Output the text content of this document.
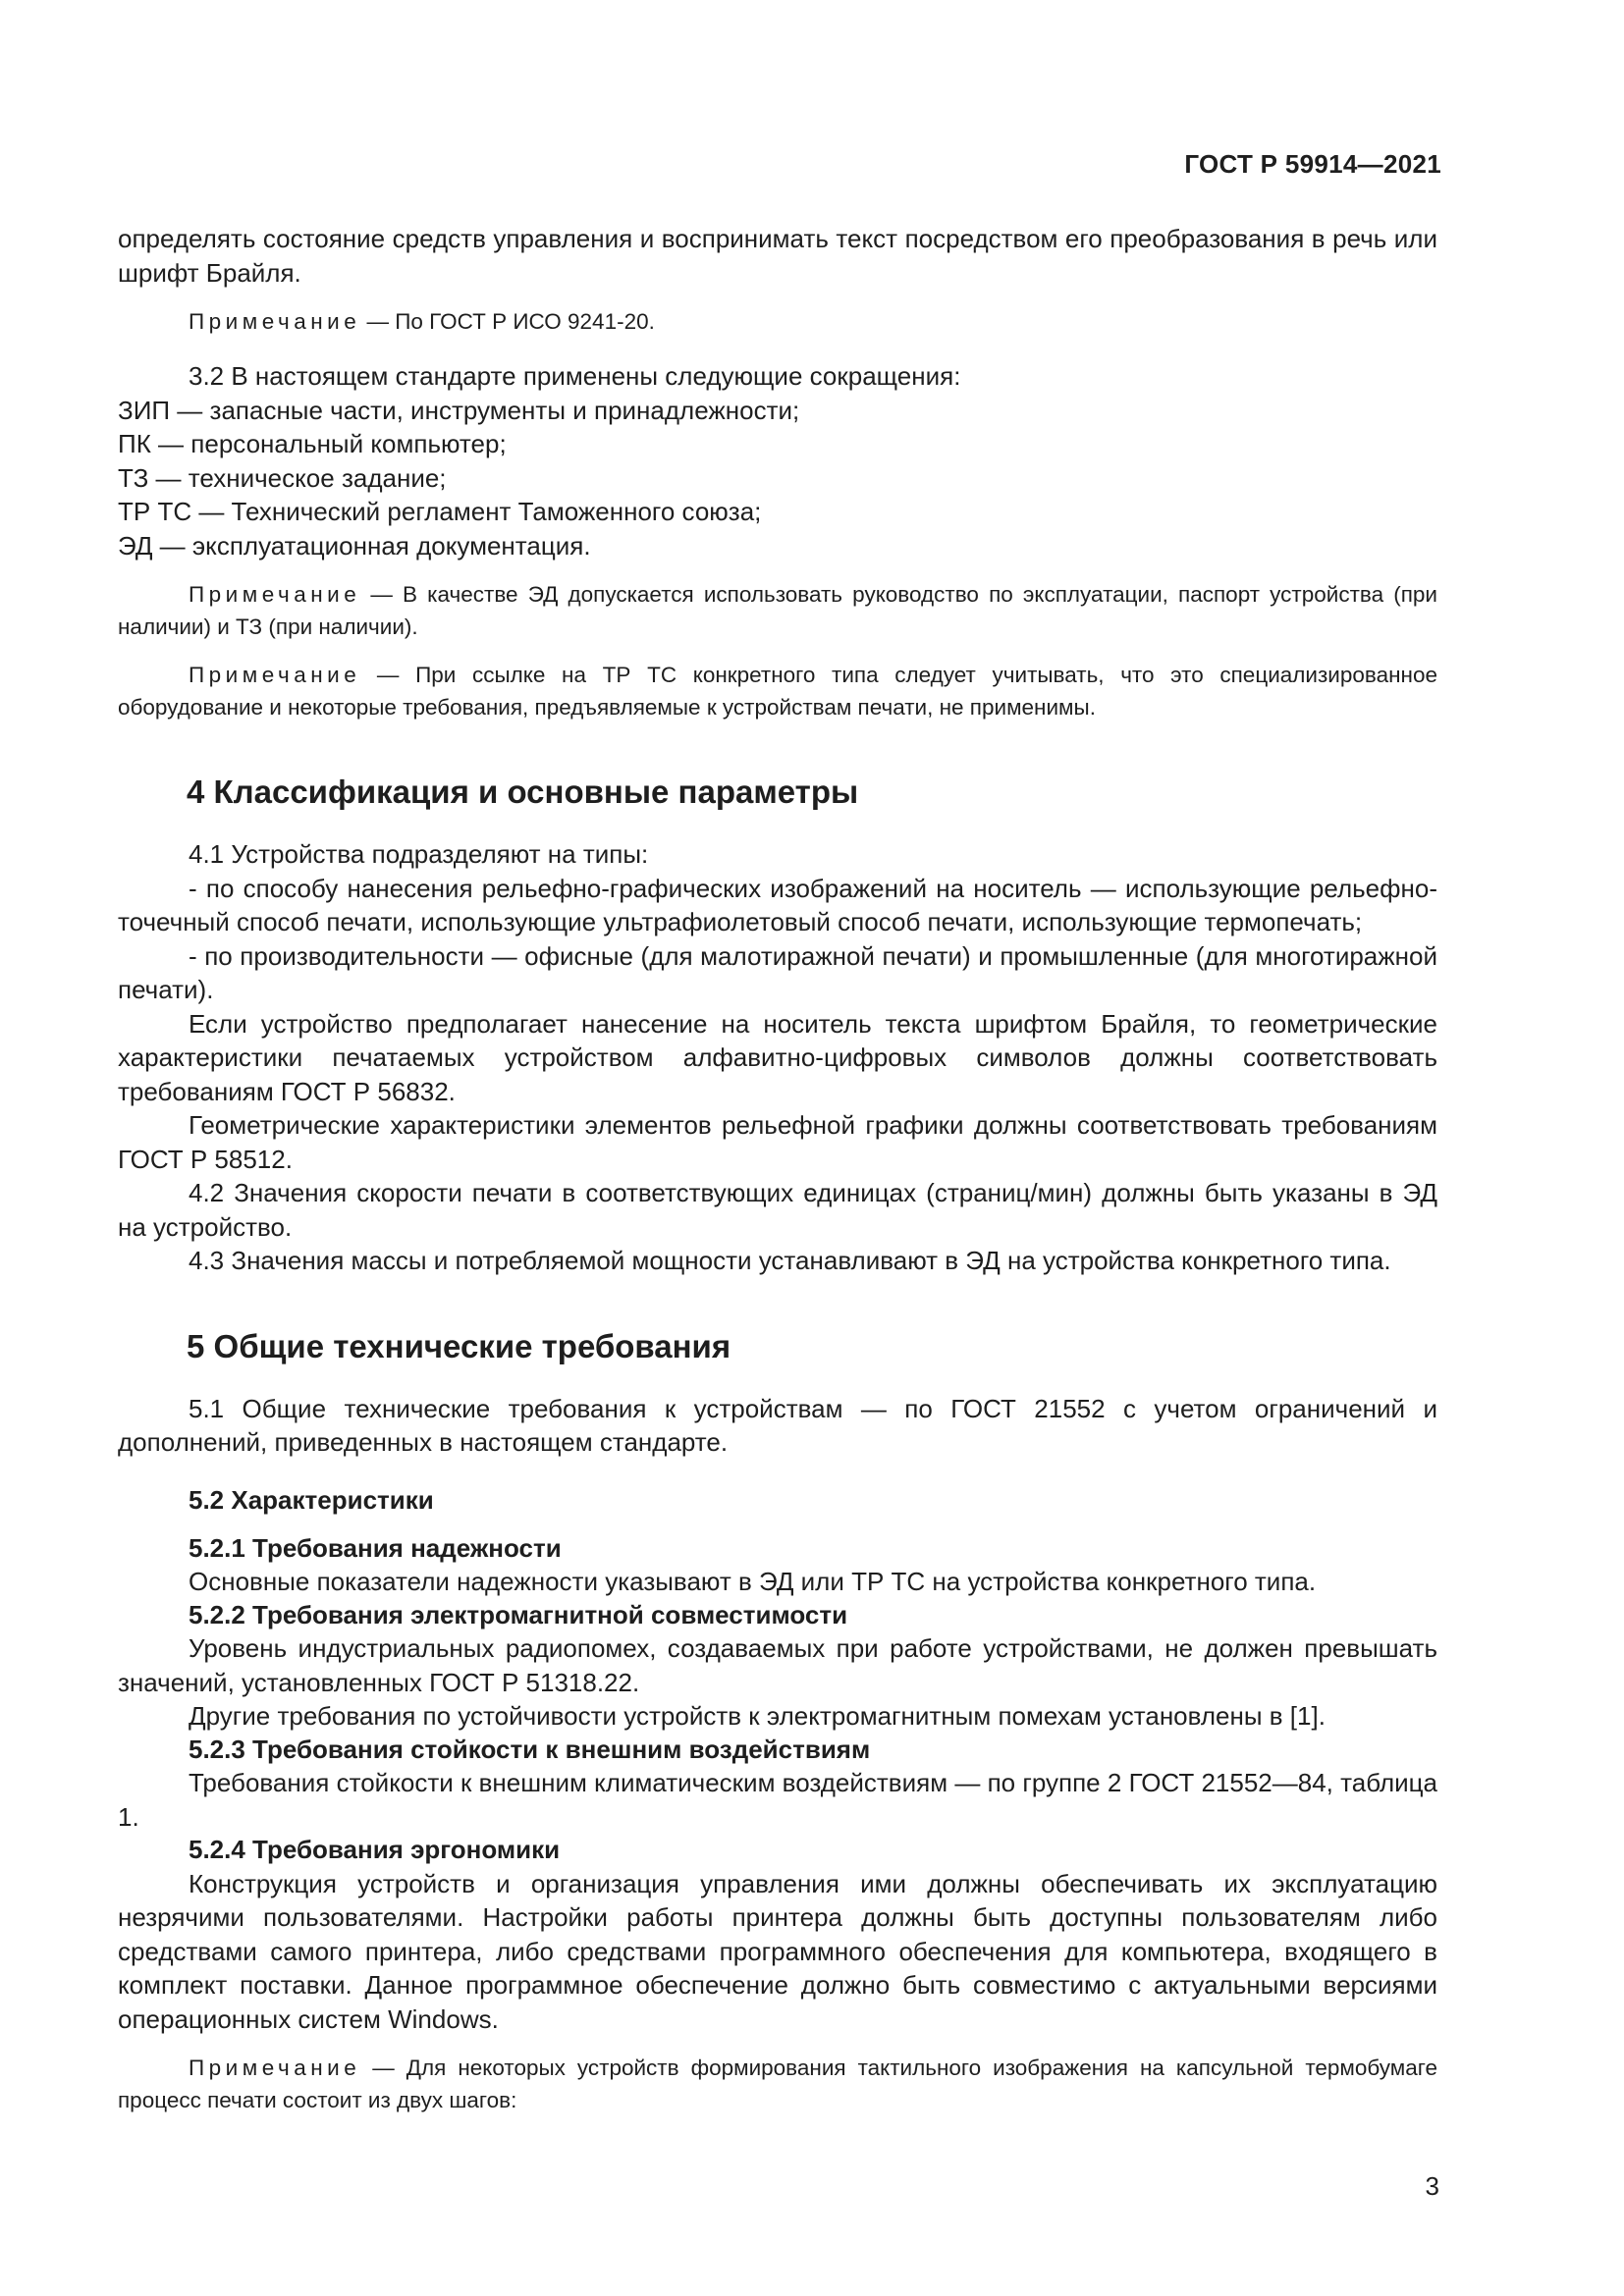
ГОСТ Р 59914—2021

определять состояние средств управления и воспринимать текст посредством его преобразования в речь или шрифт Брайля.

Примечание — По ГОСТ Р ИСО 9241-20.

3.2 В настоящем стандарте применены следующие сокращения:

ЗИП — запасные части, инструменты и принадлежности;

ПК — персональный компьютер;

ТЗ — техническое задание;

ТР ТС — Технический регламент Таможенного союза;

ЭД — эксплуатационная документация.

Примечание — В качестве ЭД допускается использовать руководство по эксплуатации, паспорт устройства (при наличии) и ТЗ (при наличии).

Примечание — При ссылке на ТР ТС конкретного типа следует учитывать, что это специализированное оборудование и некоторые требования, предъявляемые к устройствам печати, не применимы.

4 Классификация и основные параметры

4.1 Устройства подразделяют на типы:

- по способу нанесения рельефно-графических изображений на носитель — использующие рельефно-точечный способ печати, использующие ультрафиолетовый способ печати, использующие термопечать;

- по производительности — офисные (для малотиражной печати) и промышленные (для многотиражной печати).

Если устройство предполагает нанесение на носитель текста шрифтом Брайля, то геометрические характеристики печатаемых устройством алфавитно-цифровых символов должны соответствовать требованиям ГОСТ Р 56832.

Геометрические характеристики элементов рельефной графики должны соответствовать требованиям ГОСТ Р 58512.

4.2 Значения скорости печати в соответствующих единицах (страниц/мин) должны быть указаны в ЭД на устройство.

4.3 Значения массы и потребляемой мощности устанавливают в ЭД на устройства конкретного типа.

5 Общие технические требования

5.1 Общие технические требования к устройствам — по ГОСТ 21552 с учетом ограничений и дополнений, приведенных в настоящем стандарте.

5.2 Характеристики
5.2.1 Требования надежности

Основные показатели надежности указывают в ЭД или ТР ТС на устройства конкретного типа.

5.2.2 Требования электромагнитной совместимости

Уровень индустриальных радиопомех, создаваемых при работе устройствами, не должен превышать значений, установленных ГОСТ Р 51318.22.

Другие требования по устойчивости устройств к электромагнитным помехам установлены в [1].

5.2.3 Требования стойкости к внешним воздействиям

Требования стойкости к внешним климатическим воздействиям — по группе 2 ГОСТ 21552—84, таблица 1.

5.2.4 Требования эргономики

Конструкция устройств и организация управления ими должны обеспечивать их эксплуатацию незрячими пользователями. Настройки работы принтера должны быть доступны пользователям либо средствами самого принтера, либо средствами программного обеспечения для компьютера, входящего в комплект поставки. Данное программное обеспечение должно быть совместимо с актуальными версиями операционных систем Windows.

Примечание — Для некоторых устройств формирования тактильного изображения на капсульной термобумаге процесс печати состоит из двух шагов:

3
